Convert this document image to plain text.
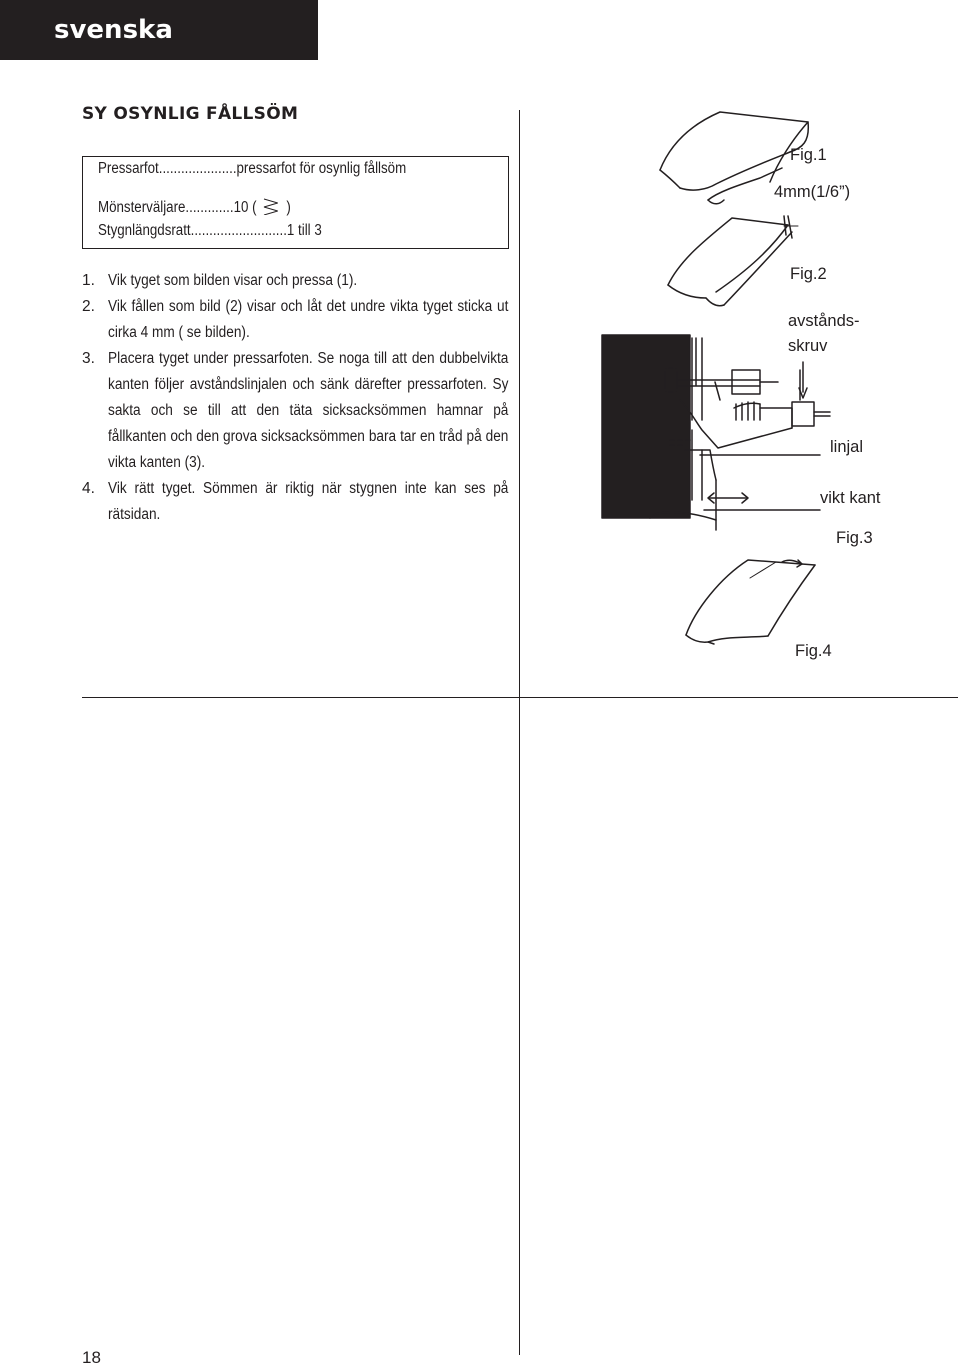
svenska
SY OSYNLIG FÅLLSÖM
Pressarfot.....................pressarfot för osynlig fållsöm
Mönsterväljare.............10 ( )
Stygnlängdsratt..........................1 till 3
1. Vik tyget som bilden visar och pressa (1).
2. Vik fållen som bild (2) visar och låt det undre vikta tyget sticka ut cirka 4 mm ( se bilden).
3. Placera tyget under pressarfoten. Se noga till att den dubbelvikta kanten följer avståndslinjalen och sänk därefter pressarfoten. Sy sakta och se till att den täta sicksacksömmen hamnar på fållkanten och den grova sicksacksömmen bara tar en tråd på den vikta kanten (3).
4. Vik rätt tyget. Sömmen är riktig när stygnen inte kan ses på rätsidan.
Fig.1
4mm(1/6”)
Fig.2
avstånds-
skruv
linjal
vikt kant
Fig.3
Fig.4
18
